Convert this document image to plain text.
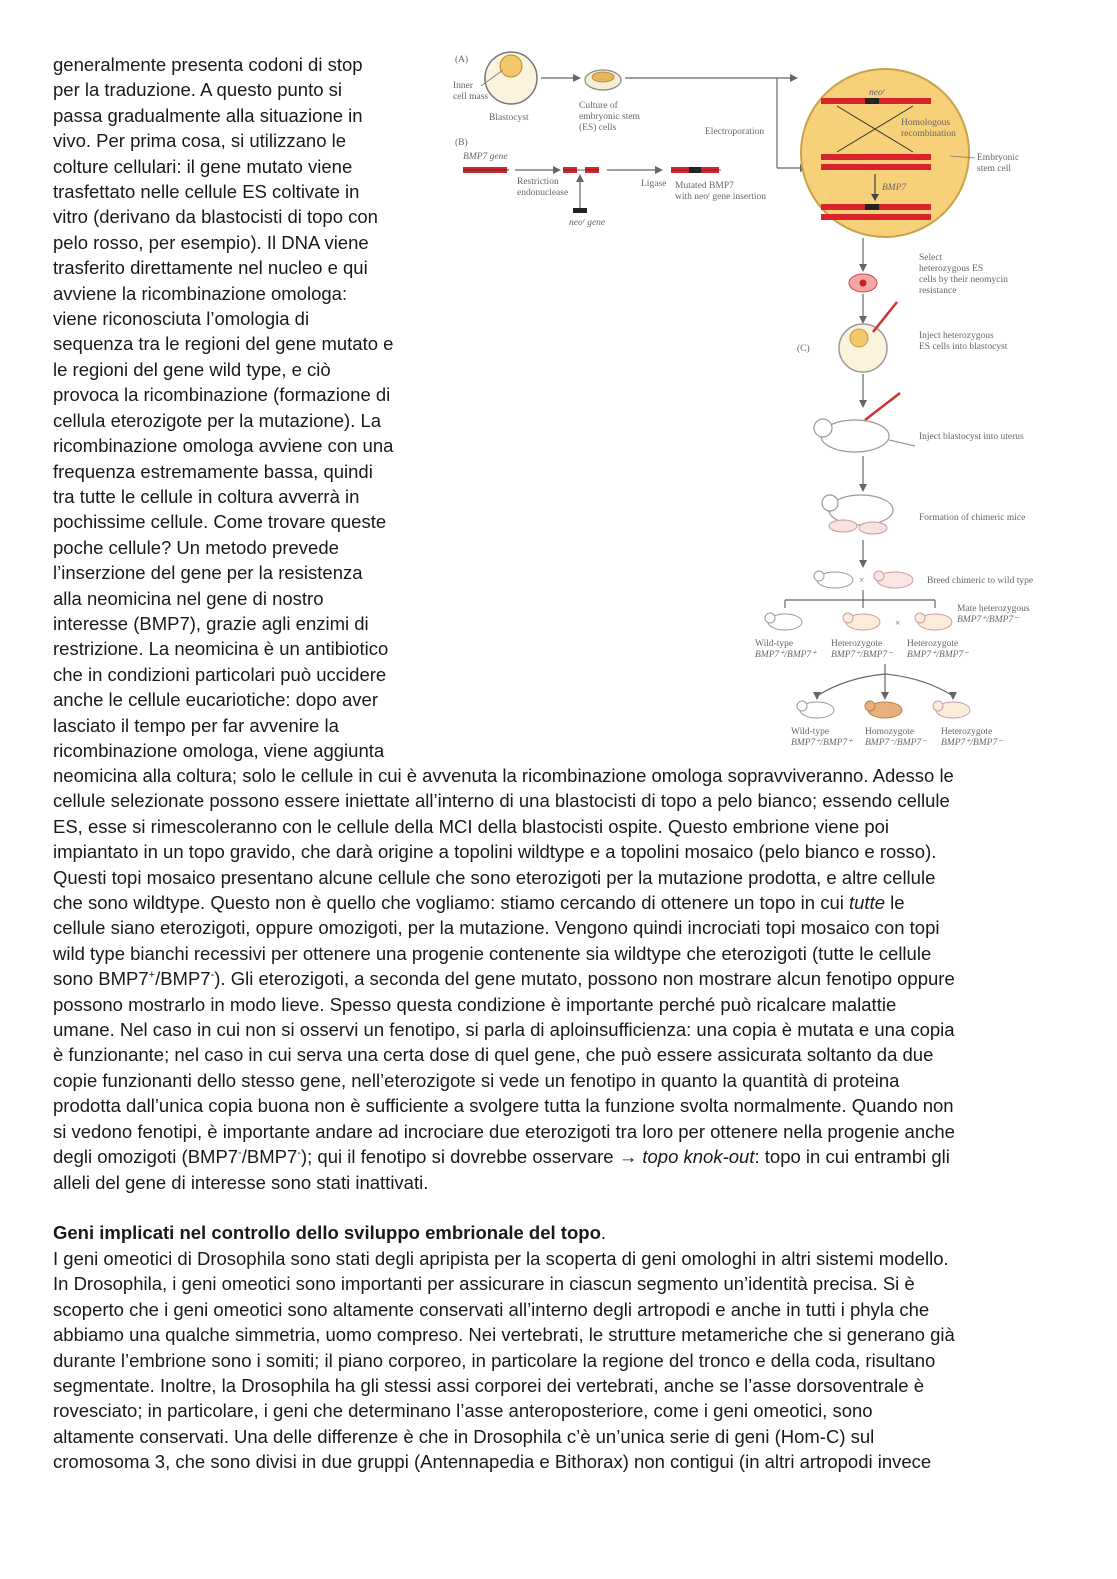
generalmente presenta codoni di stop
per la traduzione. A questo punto si
passa gradualmente alla situazione in
vivo. Per prima cosa, si utilizzano le
colture cellulari: il gene mutato viene
trasfettato nelle cellule ES coltivate in
vitro (derivano da blastocisti di topo con
pelo rosso, per esempio). Il DNA viene
trasferito direttamente nel nucleo e qui
avviene la ricombinazione omologa:
viene riconosciuta l’omologia di
sequenza tra le regioni del gene mutato e
le regioni del gene wild type, e ciò
provoca la ricombinazione (formazione di
cellula eterozigote per la mutazione). La
ricombinazione omologa avviene con una
frequenza estremamente bassa, quindi
tra tutte le cellule in coltura avverrà in
pochissime cellule. Come trovare queste
poche cellule? Un metodo prevede
l’inserzione del gene per la resistenza
alla neomicina nel gene di nostro
interesse (BMP7), grazie agli enzimi di
restrizione. La neomicina è un antibiotico
che in condizioni particolari può uccidere
anche le cellule eucariotiche: dopo aver
lasciato il tempo per far avvenire la
ricombinazione omologa, viene aggiunta
(A)
(B)
(C)
Inner
cell mass
Blastocyst
Culture of
embryonic stem
(ES) cells	Electroporation
BMP7 gene
Restriction
endonuclease
neoʳ gene
Ligase Mutated BMP7
with neoʳ gene insertion
neoʳ
Homologous
recombination
BMP7
Embryonic
stem cell
Select
heterozygous ES
cells by their neomycin
resistance
Inject heterozygous
ES cells into blastocyst
Inject blastocyst into uterus
Formation of chimeric mice
×	Breed chimeric to wild type
×
Mate heterozygous
BMP7⁺/BMP7⁻
Wild-type
BMP7⁺/BMP7⁺
Heterozygote
BMP7⁺/BMP7⁻
Heterozygote
BMP7⁺/BMP7⁻
Wild-type
BMP7⁺/BMP7⁺
Homozygote
BMP7⁻/BMP7⁻
Heterozygote
BMP7⁺/BMP7⁻
neomicina alla coltura; solo le cellule in cui è avvenuta la ricombinazione omologa sopravviveranno. Adesso le
cellule selezionate possono essere iniettate all’interno di una blastocisti di topo a pelo bianco; essendo cellule
ES, esse si rimescoleranno con le cellule della MCI della blastocisti ospite. Questo embrione viene poi
impiantato in un topo gravido, che darà origine a topolini wildtype e a topolini mosaico (pelo bianco e rosso).
Questi topi mosaico presentano alcune cellule che sono eterozigoti per la mutazione prodotta, e altre cellule
che sono wildtype. Questo non è quello che vogliamo: stiamo cercando di ottenere un topo in cui tutte le
cellule siano eterozigoti, oppure omozigoti, per la mutazione. Vengono quindi incrociati topi mosaico con topi
wild type bianchi recessivi per ottenere una progenie contenente sia wildtype che eterozigoti (tutte le cellule
sono BMP7+/BMP7-). Gli eterozigoti, a seconda del gene mutato, possono non mostrare alcun fenotipo oppure
possono mostrarlo in modo lieve. Spesso questa condizione è importante perché può ricalcare malattie
umane. Nel caso in cui non si osservi un fenotipo, si parla di aploinsufficienza: una copia è mutata e una copia
è funzionante; nel caso in cui serva una certa dose di quel gene, che può essere assicurata soltanto da due
copie funzionanti dello stesso gene, nell’eterozigote si vede un fenotipo in quanto la quantità di proteina
prodotta dall’unica copia buona non è sufficiente a svolgere tutta la funzione svolta normalmente. Quando non
si vedono fenotipi, è importante andare ad incrociare due eterozigoti tra loro per ottenere nella progenie anche
degli omozigoti (BMP7-/BMP7-); qui il fenotipo si dovrebbe osservare → topo knok-out: topo in cui entrambi gli
alleli del gene di interesse sono stati inattivati.
Geni implicati nel controllo dello sviluppo embrionale del topo.
I geni omeotici di Drosophila sono stati degli apripista per la scoperta di geni omologhi in altri sistemi modello.
In Drosophila, i geni omeotici sono importanti per assicurare in ciascun segmento un’identità precisa. Si è
scoperto che i geni omeotici sono altamente conservati all’interno degli artropodi e anche in tutti i phyla che
abbiamo una qualche simmetria, uomo compreso. Nei vertebrati, le strutture metameriche che si generano già
durante l’embrione sono i somiti; il piano corporeo, in particolare la regione del tronco e della coda, risultano
segmentate. Inoltre, la Drosophila ha gli stessi assi corporei dei vertebrati, anche se l’asse dorsoventrale è
rovesciato; in particolare, i geni che determinano l’asse anteroposteriore, come i geni omeotici, sono
altamente conservati. Una delle differenze è che in Drosophila c’è un’unica serie di geni (Hom-C) sul
cromosoma 3, che sono divisi in due gruppi (Antennapedia e Bithorax) non contigui (in altri artropodi invece
